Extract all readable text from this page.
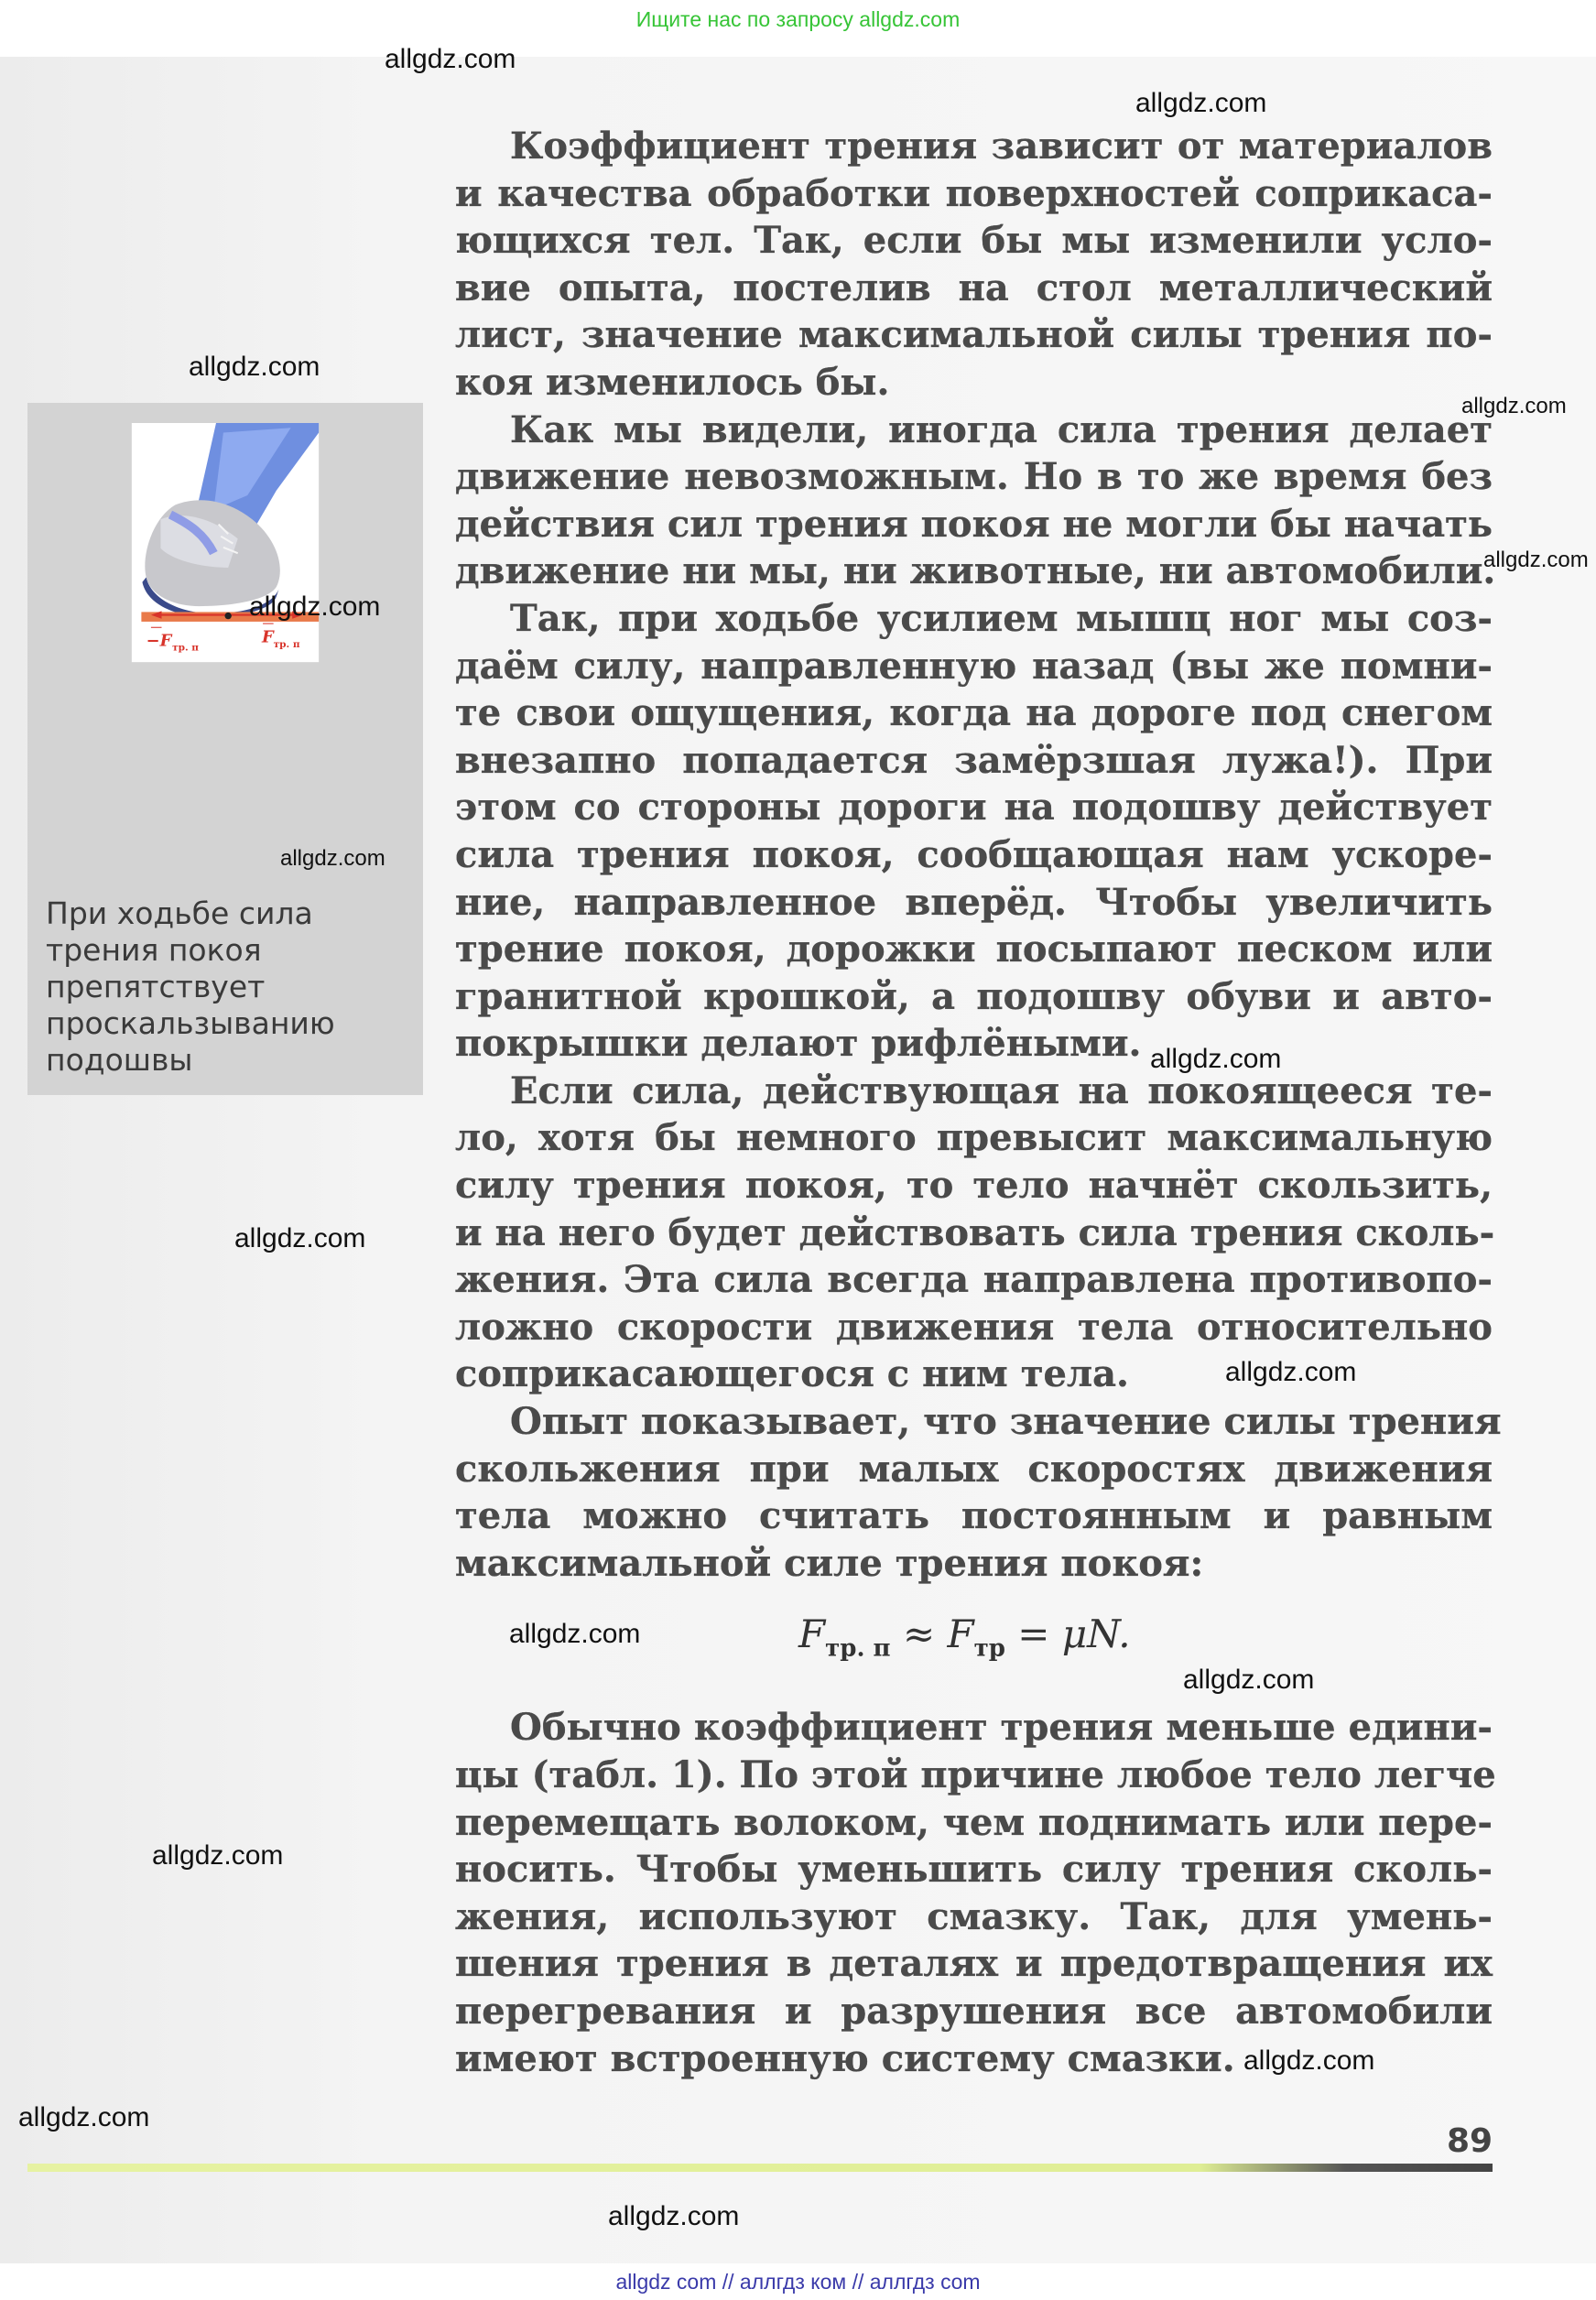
Ищите нас по запросу allgdz.com
Коэффициент трения зависит от материалов
и качества обработки поверхностей соприкаса-
ющихся тел. Так, если бы мы изменили усло-
вие опыта, постелив на стол металлический
лист, значение максимальной силы трения по-
коя изменилось бы.
Как мы видели, иногда сила трения делает
движение невозможным. Но в то же время без
действия сил трения покоя не могли бы начать
движение ни мы, ни животные, ни автомобили.
Так, при ходьбе усилием мышц ног мы соз-
даём силу, направленную назад (вы же помни-
те свои ощущения, когда на дороге под снегом
внезапно попадается замёрзшая лужа!). При
этом со стороны дороги на подошву действует
сила трения покоя, сообщающая нам ускоре-
ние, направленное вперёд. Чтобы увеличить
трение покоя, дорожки посыпают песком или
гранитной крошкой, а подошву обуви и авто-
покрышки делают рифлёными.
Если сила, действующая на покоящееся те-
ло, хотя бы немного превысит максимальную
силу трения покоя, то тело начнёт скользить,
и на него будет действовать сила трения сколь-
жения. Эта сила всегда направлена противопо-
ложно скорости движения тела относительно
соприкасающегося с ним тела.
Опыт показывает, что значение силы трения
скольжения при малых скоростях движения
тела можно считать постоянным и равным
максимальной силе трения покоя:
Обычно коэффициент трения меньше едини-
цы (табл. 1). По этой причине любое тело легче
перемещать волоком, чем поднимать или пере-
носить. Чтобы уменьшить силу трения сколь-
жения, используют смазку. Так, для умень-
шения трения в деталях и предотвращения их
перегревания и разрушения все автомобили
имеют встроенную систему смазки.
$F_{тр. п} \approx F_{тр} = \mu N$.
−F тр. п
F тр. п
При ходьбе сила
трения покоя
препятствует
проскальзыванию
подошвы
89
allgdz.com
allgdz.com
allgdz.com
allgdz.com
allgdz.com
allgdz.com
allgdz.com
allgdz.com
allgdz.com
allgdz.com
allgdz.com
allgdz.com
allgdz.com
allgdz.com
allgdz.com
allgdz.com
allgdz com // аллгдз ком // аллгдз com
